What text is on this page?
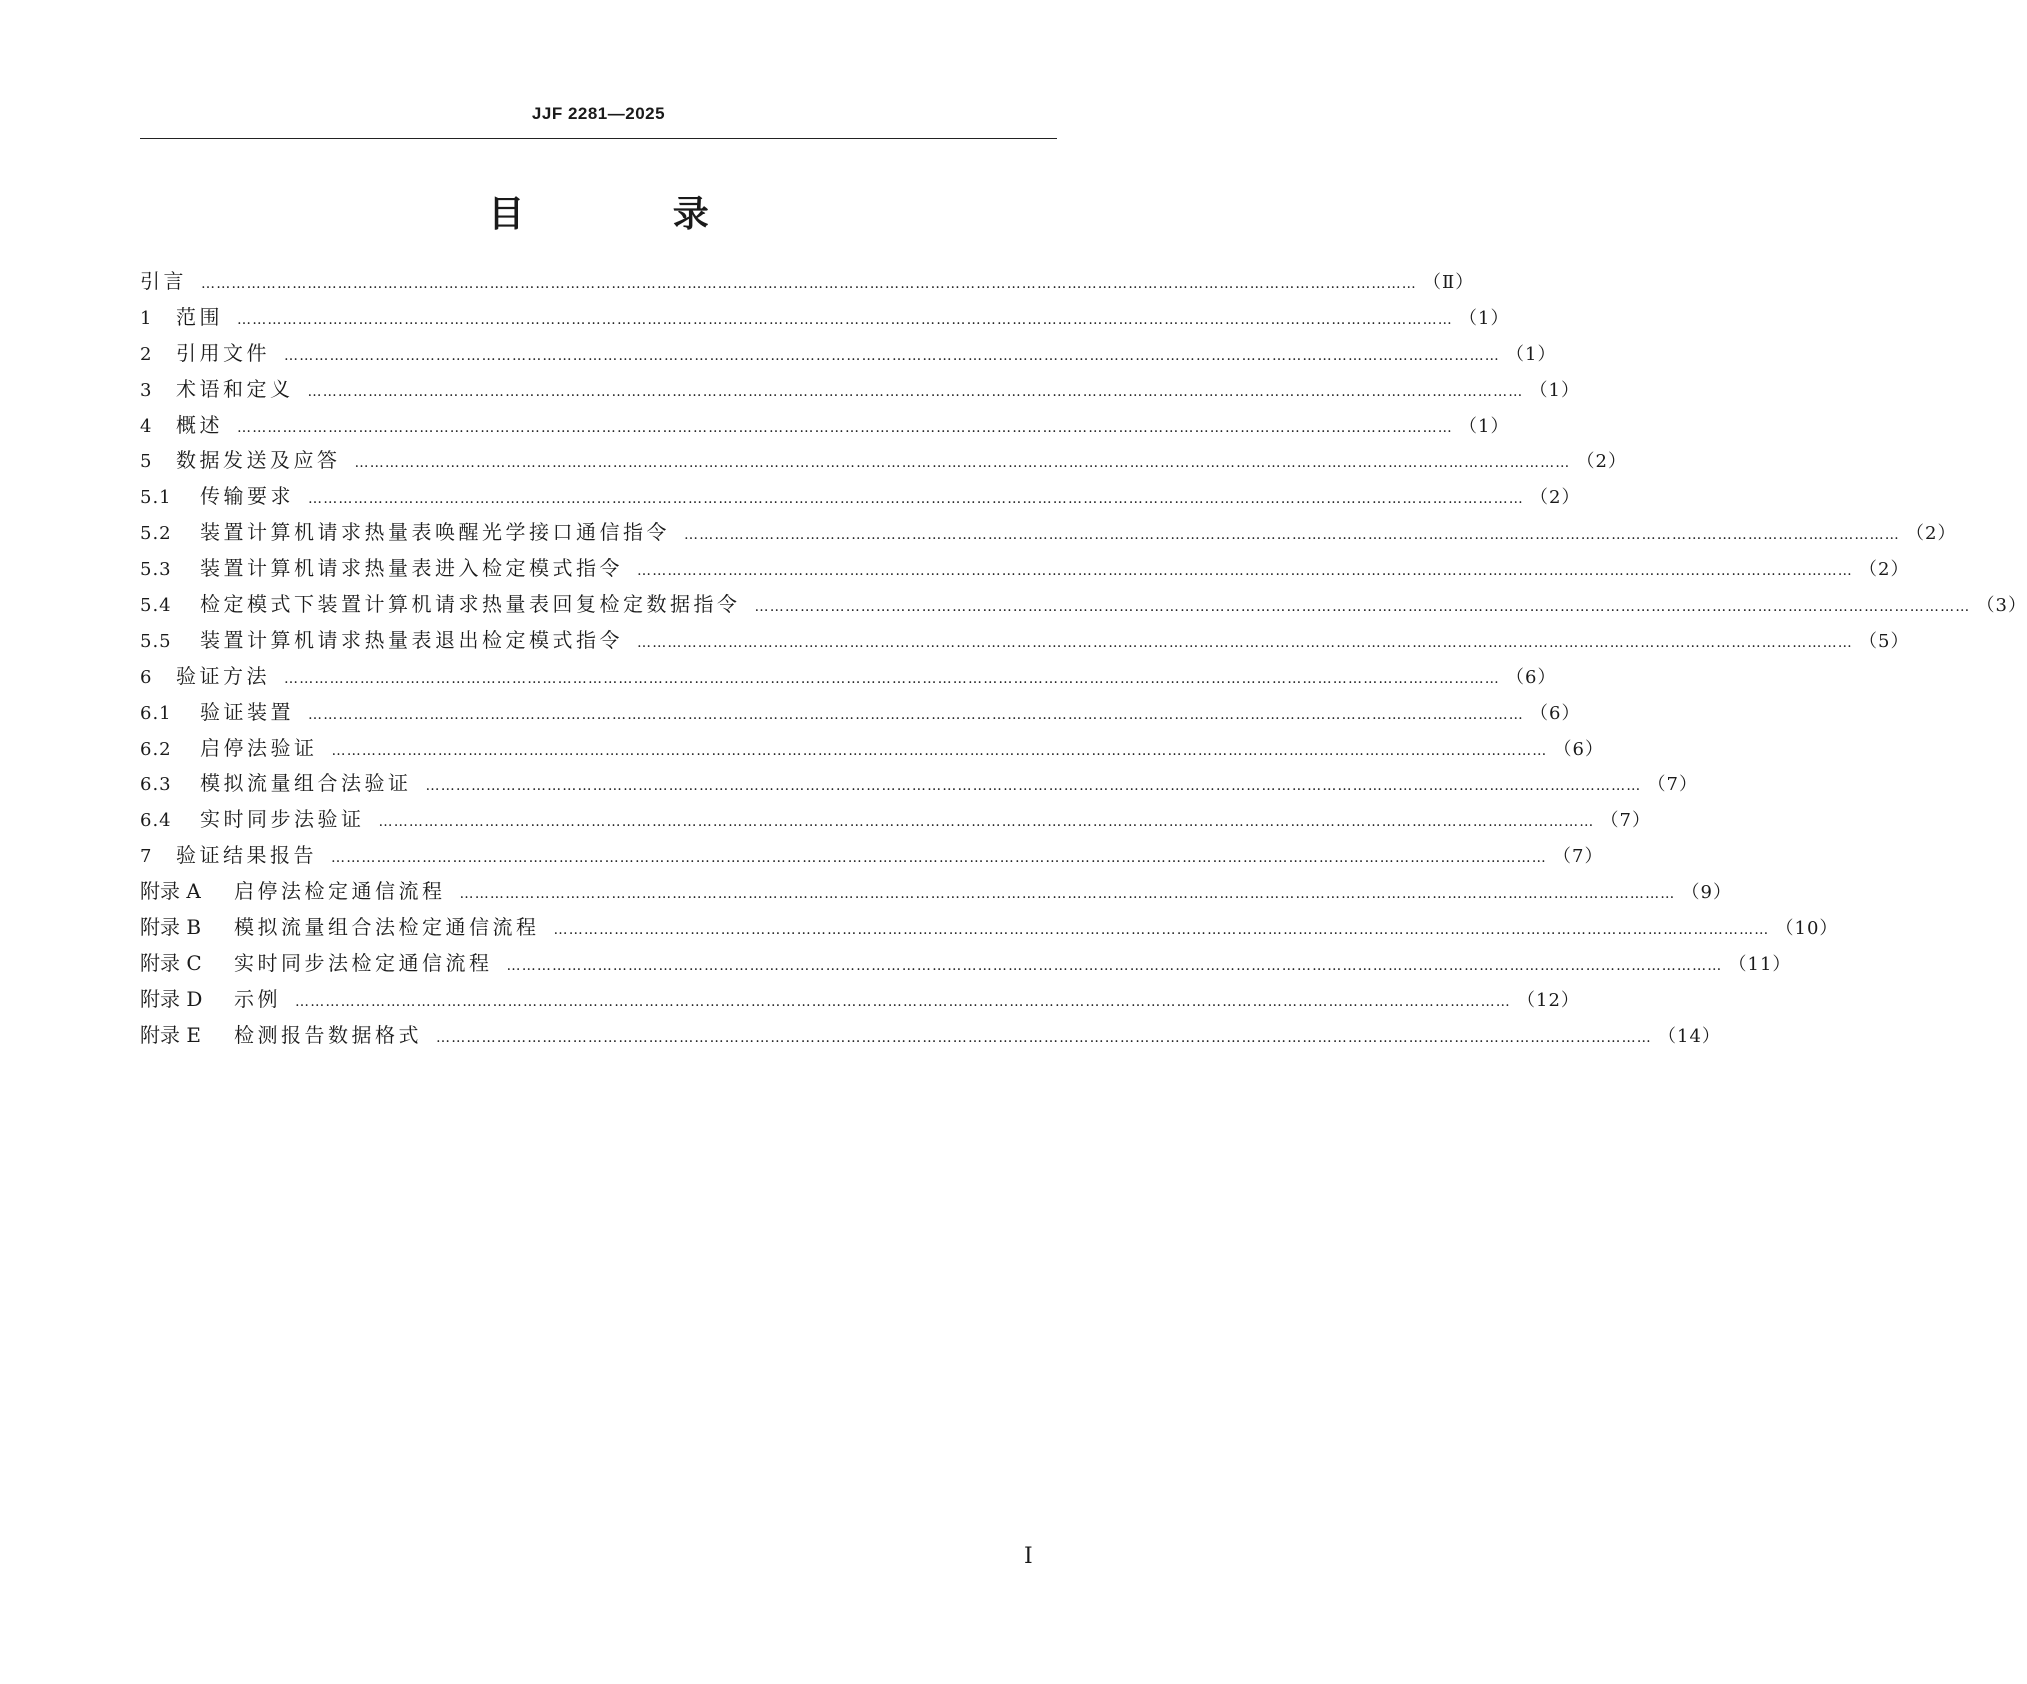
JJF 2281—2025
目 录
引言 …………………………………………………………………………………………………………………………………………………………………………………………………………………… （Ⅱ）
1	范围 …………………………………………………………………………………………………………………………………………………………………………………………………………………… （1）
2	引用文件 …………………………………………………………………………………………………………………………………………………………………………………………………………………… （1）
3	术语和定义 …………………………………………………………………………………………………………………………………………………………………………………………………………………… （1）
4	概述 …………………………………………………………………………………………………………………………………………………………………………………………………………………… （1）
5	数据发送及应答 …………………………………………………………………………………………………………………………………………………………………………………………………………………… （2）
5.1	传输要求 …………………………………………………………………………………………………………………………………………………………………………………………………………………… （2）
5.2	装置计算机请求热量表唤醒光学接口通信指令 …………………………………………………………………………………………………………………………………………………………………………………………………………………… （2）
5.3	装置计算机请求热量表进入检定模式指令 …………………………………………………………………………………………………………………………………………………………………………………………………………………… （2）
5.4	检定模式下装置计算机请求热量表回复检定数据指令 …………………………………………………………………………………………………………………………………………………………………………………………………………………… （3）
5.5	装置计算机请求热量表退出检定模式指令 …………………………………………………………………………………………………………………………………………………………………………………………………………………… （5）
6	验证方法 …………………………………………………………………………………………………………………………………………………………………………………………………………………… （6）
6.1	验证装置 …………………………………………………………………………………………………………………………………………………………………………………………………………………… （6）
6.2	启停法验证 …………………………………………………………………………………………………………………………………………………………………………………………………………………… （6）
6.3	模拟流量组合法验证 …………………………………………………………………………………………………………………………………………………………………………………………………………………… （7）
6.4	实时同步法验证 …………………………………………………………………………………………………………………………………………………………………………………………………………………… （7）
7	验证结果报告 …………………………………………………………………………………………………………………………………………………………………………………………………………………… （7）
附录 A	启停法检定通信流程 …………………………………………………………………………………………………………………………………………………………………………………………………………………… （9）
附录 B	模拟流量组合法检定通信流程 …………………………………………………………………………………………………………………………………………………………………………………………………………………… （10）
附录 C	实时同步法检定通信流程 …………………………………………………………………………………………………………………………………………………………………………………………………………………… （11）
附录 D	示例 …………………………………………………………………………………………………………………………………………………………………………………………………………………… （12）
附录 E	检测报告数据格式 …………………………………………………………………………………………………………………………………………………………………………………………………………………… （14）
Ⅰ
